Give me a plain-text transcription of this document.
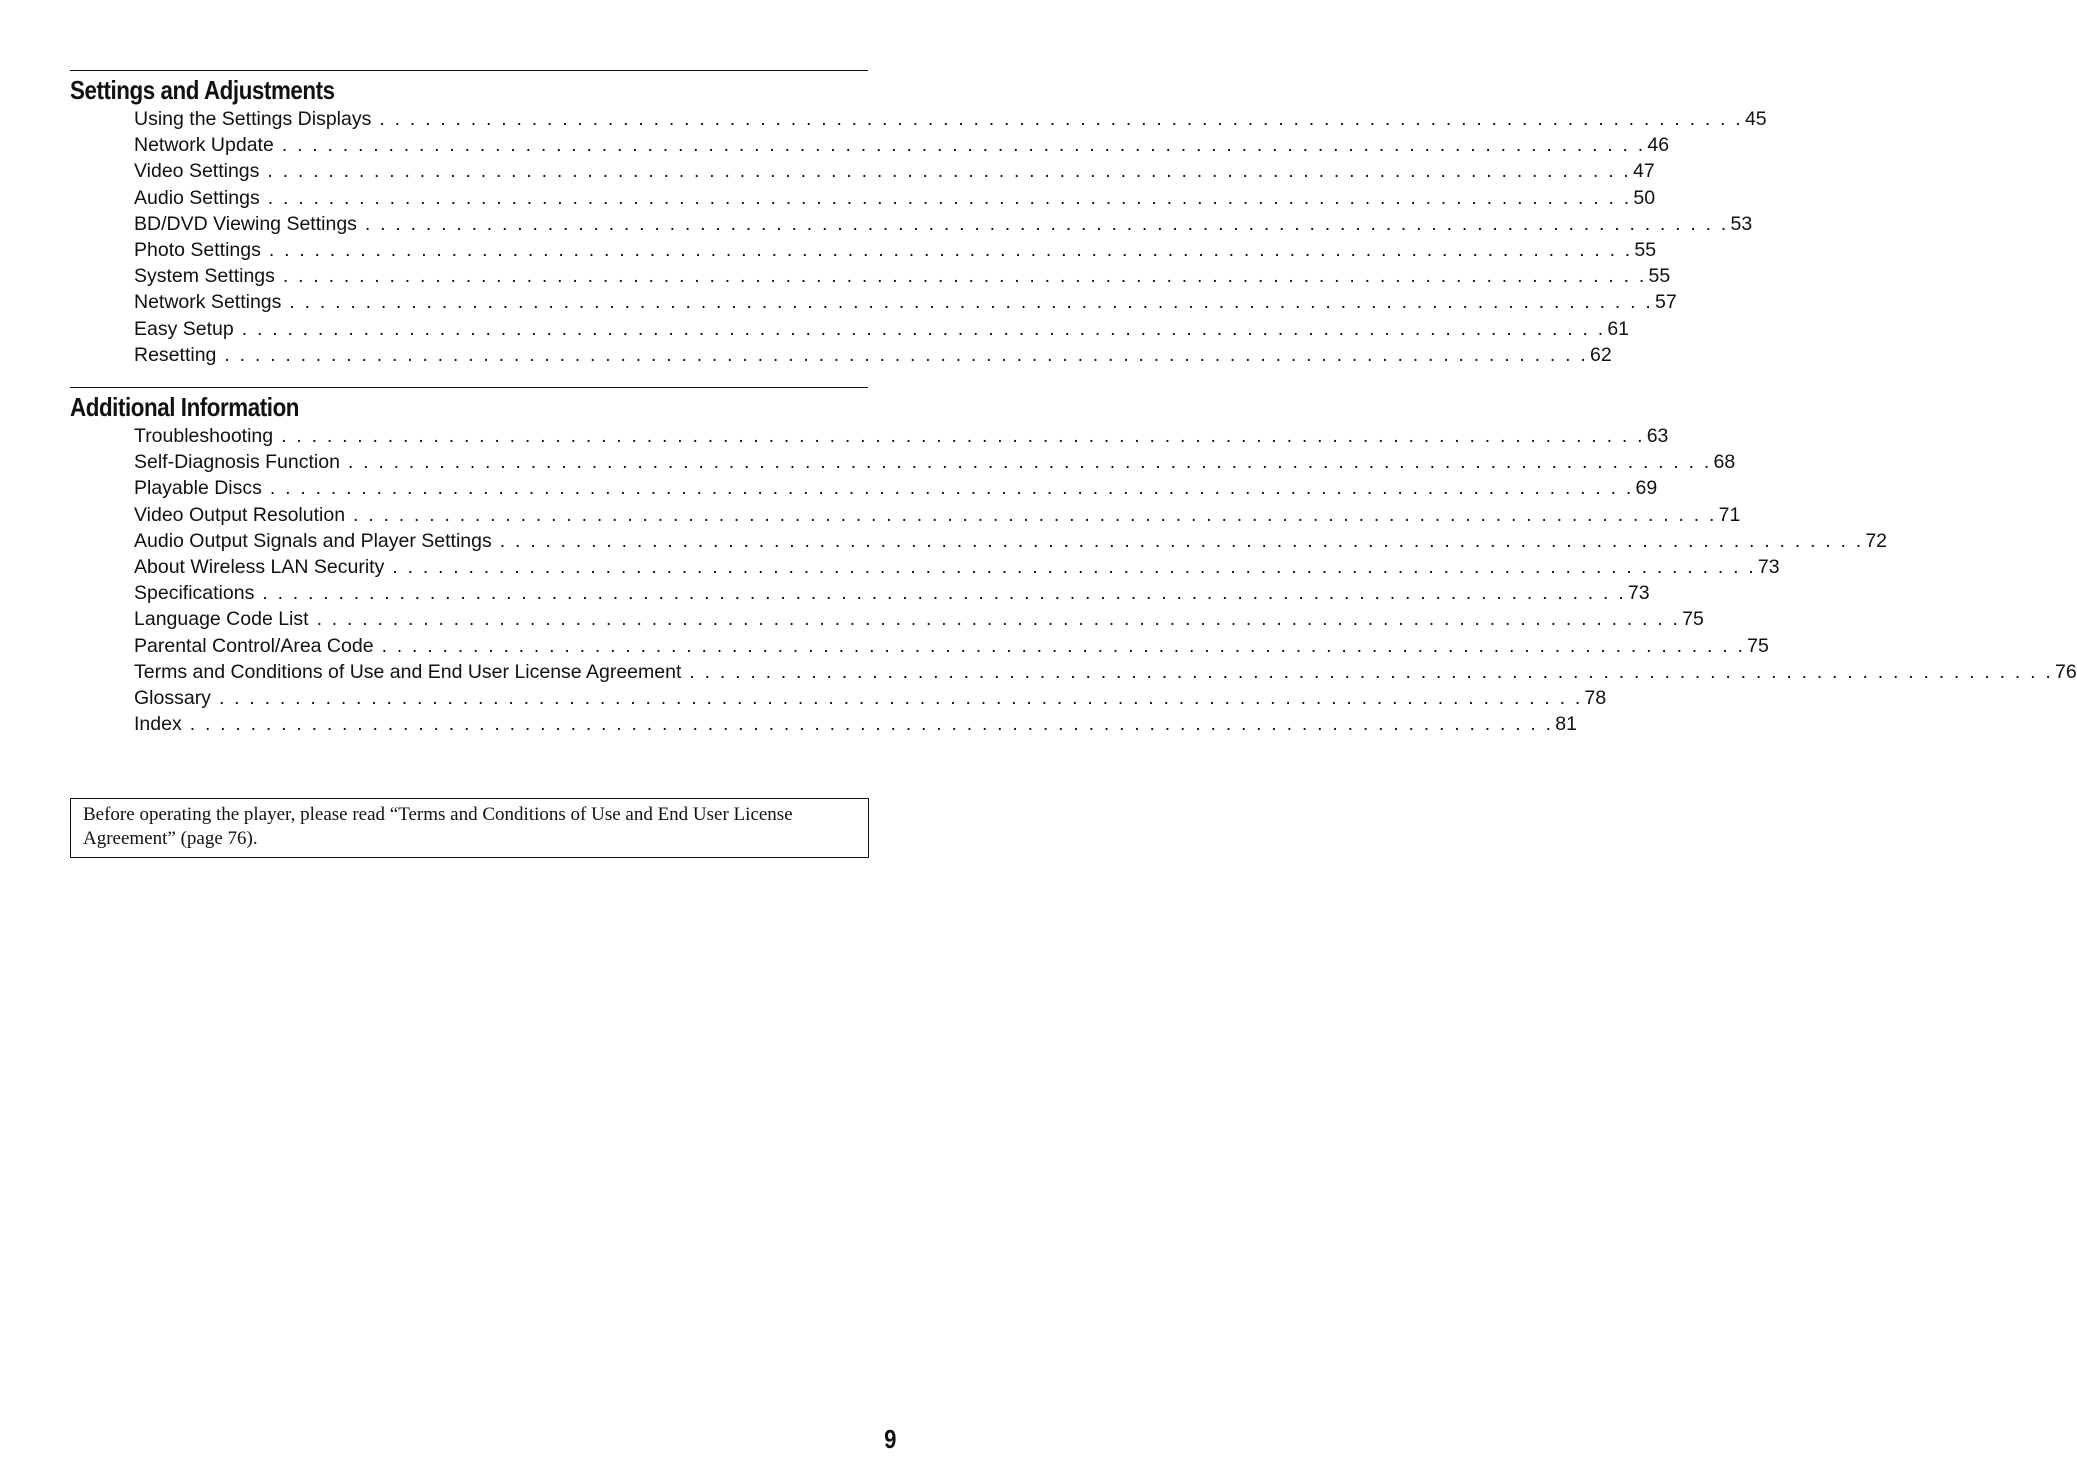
Settings and Adjustments
Using the Settings Displays . . . . . . . . . . . . . . . . . . . . . . . . . . . . . . . . . . . . . . . . . . . . . . . . . . . . . . . . . . . . . . . . . . . . . . . . . . . . . . . . . . . . . . . . . . 45
Network Update . . . . . . . . . . . . . . . . . . . . . . . . . . . . . . . . . . . . . . . . . . . . . . . . . . . . . . . . . . . . . . . . . . . . . . . . . . . . . . . . . . . . . . . . . . 46
Video Settings . . . . . . . . . . . . . . . . . . . . . . . . . . . . . . . . . . . . . . . . . . . . . . . . . . . . . . . . . . . . . . . . . . . . . . . . . . . . . . . . . . . . . . . . . . 47
Audio Settings . . . . . . . . . . . . . . . . . . . . . . . . . . . . . . . . . . . . . . . . . . . . . . . . . . . . . . . . . . . . . . . . . . . . . . . . . . . . . . . . . . . . . . . . . . 50
BD/DVD Viewing Settings . . . . . . . . . . . . . . . . . . . . . . . . . . . . . . . . . . . . . . . . . . . . . . . . . . . . . . . . . . . . . . . . . . . . . . . . . . . . . . . . . . . . . . . . . . 53
Photo Settings . . . . . . . . . . . . . . . . . . . . . . . . . . . . . . . . . . . . . . . . . . . . . . . . . . . . . . . . . . . . . . . . . . . . . . . . . . . . . . . . . . . . . . . . . . 55
System Settings . . . . . . . . . . . . . . . . . . . . . . . . . . . . . . . . . . . . . . . . . . . . . . . . . . . . . . . . . . . . . . . . . . . . . . . . . . . . . . . . . . . . . . . . . . 55
Network Settings . . . . . . . . . . . . . . . . . . . . . . . . . . . . . . . . . . . . . . . . . . . . . . . . . . . . . . . . . . . . . . . . . . . . . . . . . . . . . . . . . . . . . . . . . . 57
Easy Setup . . . . . . . . . . . . . . . . . . . . . . . . . . . . . . . . . . . . . . . . . . . . . . . . . . . . . . . . . . . . . . . . . . . . . . . . . . . . . . . . . . . . . . . . . . 61
Resetting . . . . . . . . . . . . . . . . . . . . . . . . . . . . . . . . . . . . . . . . . . . . . . . . . . . . . . . . . . . . . . . . . . . . . . . . . . . . . . . . . . . . . . . . . . 62
Additional Information
Troubleshooting . . . . . . . . . . . . . . . . . . . . . . . . . . . . . . . . . . . . . . . . . . . . . . . . . . . . . . . . . . . . . . . . . . . . . . . . . . . . . . . . . . . . . . . . . . 63
Self-Diagnosis Function . . . . . . . . . . . . . . . . . . . . . . . . . . . . . . . . . . . . . . . . . . . . . . . . . . . . . . . . . . . . . . . . . . . . . . . . . . . . . . . . . . . . . . . . . . 68
Playable Discs . . . . . . . . . . . . . . . . . . . . . . . . . . . . . . . . . . . . . . . . . . . . . . . . . . . . . . . . . . . . . . . . . . . . . . . . . . . . . . . . . . . . . . . . . . 69
Video Output Resolution . . . . . . . . . . . . . . . . . . . . . . . . . . . . . . . . . . . . . . . . . . . . . . . . . . . . . . . . . . . . . . . . . . . . . . . . . . . . . . . . . . . . . . . . . . 71
Audio Output Signals and Player Settings . . . . . . . . . . . . . . . . . . . . . . . . . . . . . . . . . . . . . . . . . . . . . . . . . . . . . . . . . . . . . . . . . . . . . . . . . . . . . . . . . . . . . . . . . . 72
About Wireless LAN Security . . . . . . . . . . . . . . . . . . . . . . . . . . . . . . . . . . . . . . . . . . . . . . . . . . . . . . . . . . . . . . . . . . . . . . . . . . . . . . . . . . . . . . . . . . 73
Specifications . . . . . . . . . . . . . . . . . . . . . . . . . . . . . . . . . . . . . . . . . . . . . . . . . . . . . . . . . . . . . . . . . . . . . . . . . . . . . . . . . . . . . . . . . . 73
Language Code List . . . . . . . . . . . . . . . . . . . . . . . . . . . . . . . . . . . . . . . . . . . . . . . . . . . . . . . . . . . . . . . . . . . . . . . . . . . . . . . . . . . . . . . . . . 75
Parental Control/Area Code . . . . . . . . . . . . . . . . . . . . . . . . . . . . . . . . . . . . . . . . . . . . . . . . . . . . . . . . . . . . . . . . . . . . . . . . . . . . . . . . . . . . . . . . . . 75
Terms and Conditions of Use and End User License Agreement . . . . . . . . . . . . . . . . . . . . . . . . . . . . . . . . . . . . . . . . . . . . . . . . . . . . . . . . . . . . . . . . . . . . . . . . . . . . . . . . . . . . . . . . . . 76
Glossary . . . . . . . . . . . . . . . . . . . . . . . . . . . . . . . . . . . . . . . . . . . . . . . . . . . . . . . . . . . . . . . . . . . . . . . . . . . . . . . . . . . . . . . . . . 78
Index . . . . . . . . . . . . . . . . . . . . . . . . . . . . . . . . . . . . . . . . . . . . . . . . . . . . . . . . . . . . . . . . . . . . . . . . . . . . . . . . . . . . . . . . . . 81
Before operating the player, please read “Terms and Conditions of Use and End User License Agreement” (page 76).
9
